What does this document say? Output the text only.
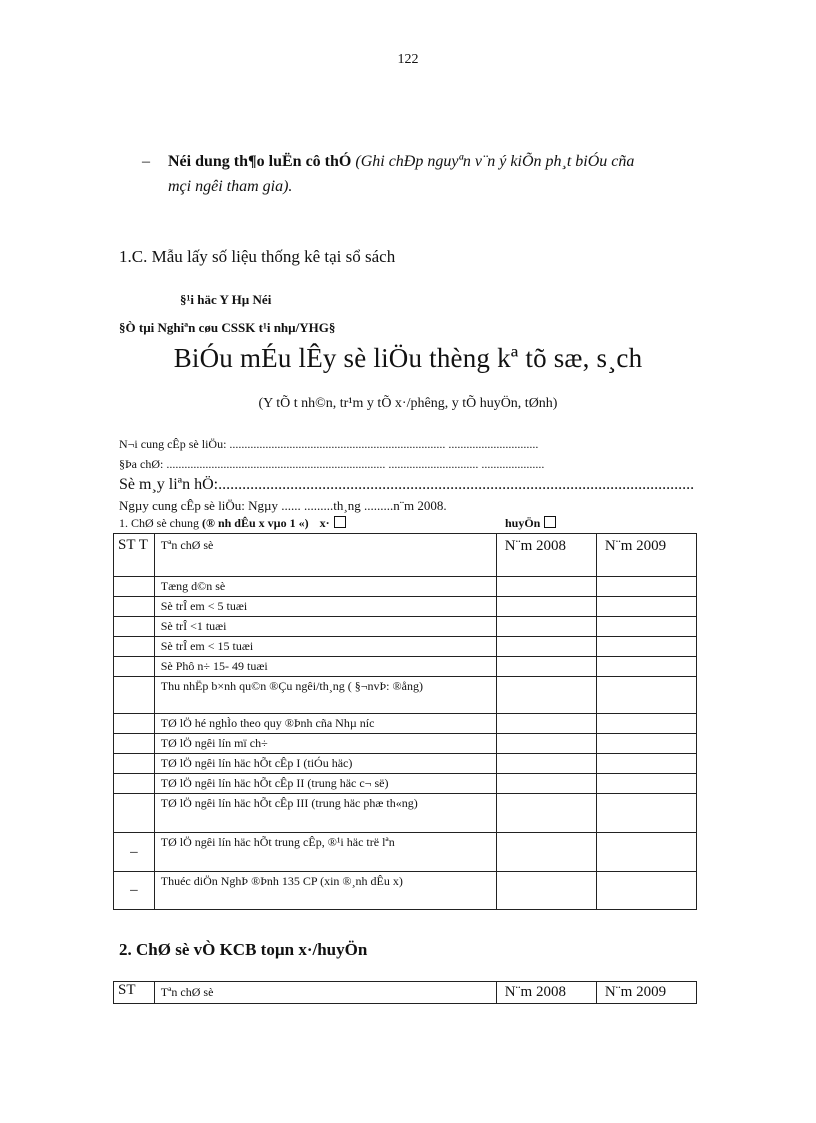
122
– Néi dung th¶o luËn cô thÓ (Ghi chÐp nguyªn v¨n ý kiÕn ph¸t biÓu cña
mçi ngêi tham gia).
1.C. Mẫu lấy số liệu thống kê tại sổ sách
§¹i häc Y Hµ Néi
§Ò tµi Nghiªn cøu CSSK t¹i nhµ/YHG§
BiÓu mÉu lÊy sè liÖu thèng kª tõ sæ, s¸ch
(Y tÕ t nh©n, tr¹m y tÕ x·/phêng, y tÕ huyÖn, tØnh)
N¬i cung cÊp sè liÖu: ........................................................................ ..............................
§Þa chØ: ......................................................................... .............................. .....................
Sè m¸y liªn hÖ:.......................................................................................................................
Ngµy cung cÊp sè liÖu: Ngµy ...... .........th¸ng .........n¨m 2008.
1. ChØ sè chung (® nh dÊu x vµo 1 «) x·	huyÖn
ST T	Tªn chØ sè	N¨m 2008	N¨m 2009
	Tæng d©n sè		
	Sè trÎ em < 5 tuæi		
	Sè trÎ <1 tuæi		
	Sè trÎ em < 15 tuæi		
	Sè Phô n÷ 15- 49 tuæi		
	Thu nhËp b×nh qu©n ®Çu ngêi/th¸ng ( §¬nvÞ: ®ång)		
	TØ lÖ hé nghÌo theo quy ®Þnh cña Nhµ níc		
	TØ lÖ ngêi lín mï ch÷		
	TØ lÖ ngêi lín häc hÕt cÊp I (tiÓu häc)		
	TØ lÖ ngêi lín häc hÕt cÊp II (trung häc c¬ së)		
	TØ lÖ ngêi lín häc hÕt cÊp III (trung häc phæ th«ng)		
–	TØ lÖ ngêi lín häc hÕt trung cÊp, ®¹i häc trë lªn		
–	Thuéc diÖn NghÞ ®Þnh 135 CP (xin ®¸nh dÊu x)		
2. ChØ sè vÒ KCB toµn x·/huyÖn
ST	Tªn chØ sè	N¨m 2008	N¨m 2009
